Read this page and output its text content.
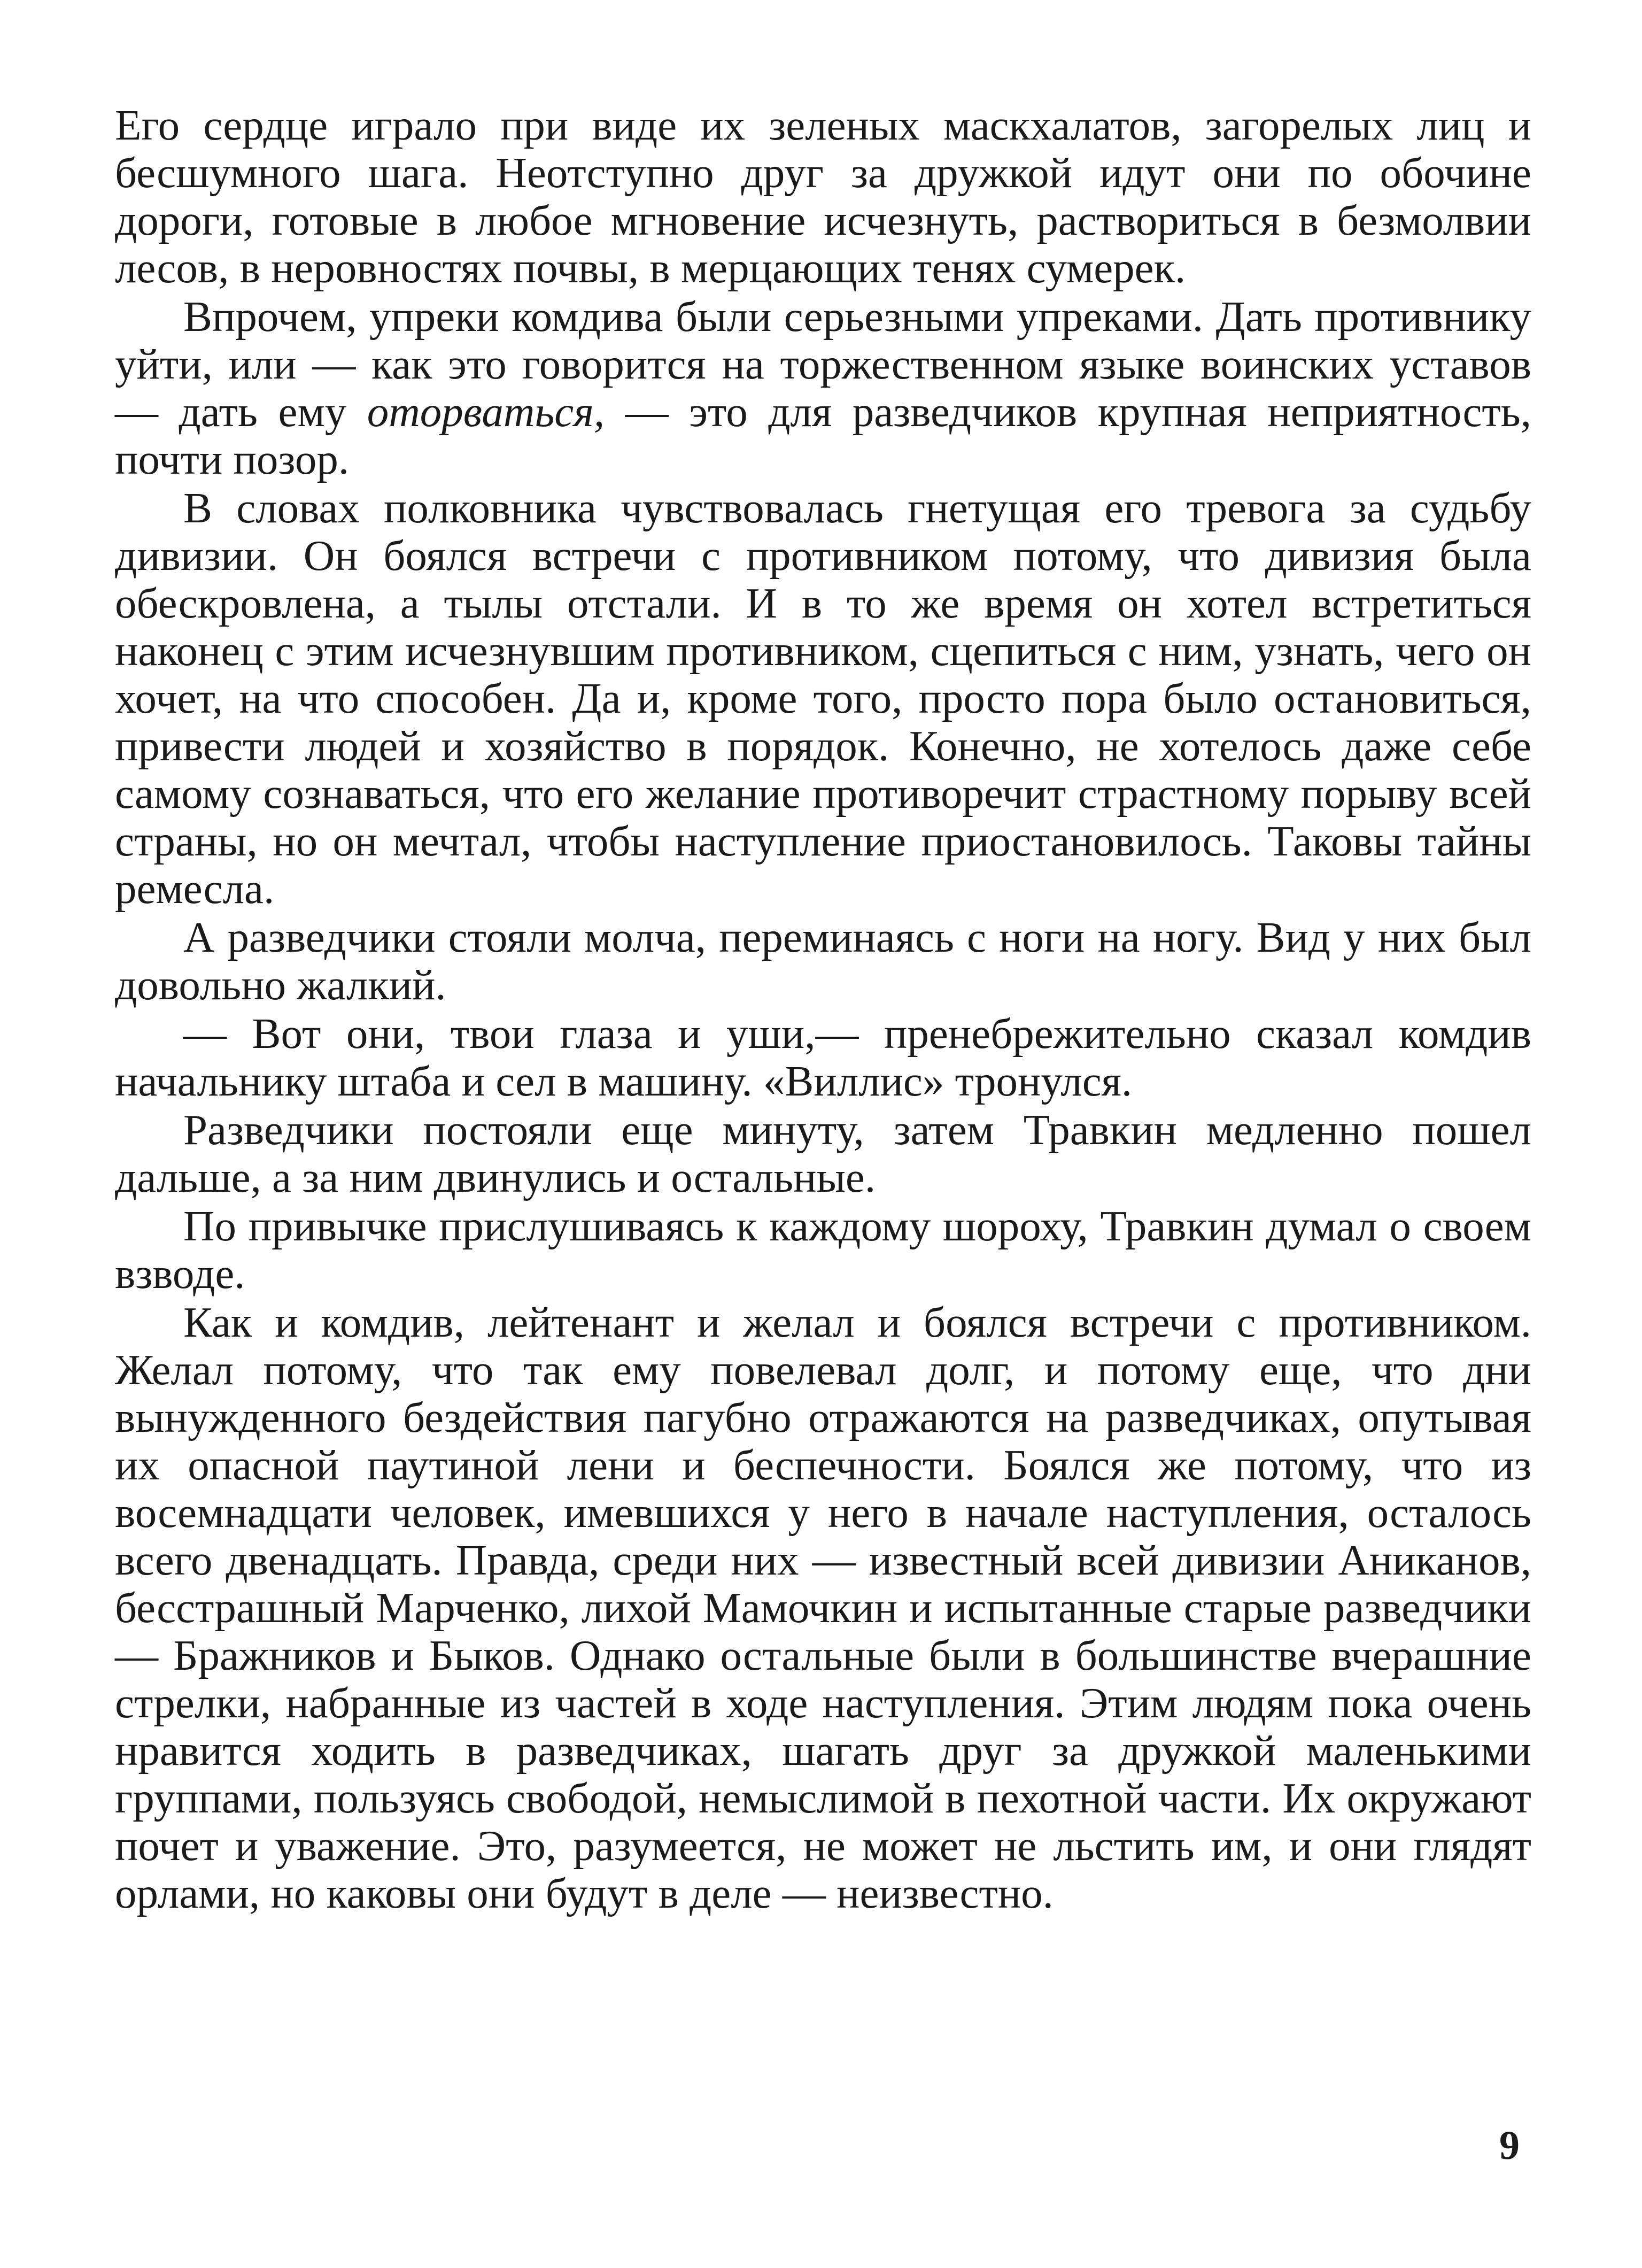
Его сердце играло при виде их зеленых маскхалатов, загорелых лиц и бесшумного шага. Неотступно друг за дружкой идут они по обочине дороги, готовые в любое мгновение исчезнуть, раствориться в безмолвии лесов, в неровностях почвы, в мерцающих тенях сумерек.

Впрочем, упреки комдива были серьезными упреками. Дать противнику уйти, или — как это говорится на торжественном языке воинских уставов — дать ему оторваться, — это для разведчиков крупная неприятность, почти позор.

В словах полковника чувствовалась гнетущая его тревога за судьбу дивизии. Он боялся встречи с противником потому, что дивизия была обескровлена, а тылы отстали. И в то же время он хотел встретиться наконец с этим исчезнувшим противником, сцепиться с ним, узнать, чего он хочет, на что способен. Да и, кроме того, просто пора было остановиться, привести людей и хозяйство в порядок. Конечно, не хотелось даже себе самому сознаваться, что его желание противоречит страстному порыву всей страны, но он мечтал, чтобы наступление приостановилось. Таковы тайны ремесла.

А разведчики стояли молча, переминаясь с ноги на ногу. Вид у них был довольно жалкий.

— Вот они, твои глаза и уши,— пренебрежительно сказал комдив начальнику штаба и сел в машину. «Виллис» тронулся.

Разведчики постояли еще минуту, затем Травкин медленно пошел дальше, а за ним двинулись и остальные.

По привычке прислушиваясь к каждому шороху, Травкин думал о своем взводе.

Как и комдив, лейтенант и желал и боялся встречи с противником. Желал потому, что так ему повелевал долг, и потому еще, что дни вынужденного бездействия пагубно отражаются на разведчиках, опутывая их опасной паутиной лени и беспечности. Боялся же потому, что из восемнадцати человек, имевшихся у него в начале наступления, осталось всего двенадцать. Правда, среди них — известный всей дивизии Аниканов, бесстрашный Марченко, лихой Мамочкин и испытанные старые разведчики — Бражников и Быков. Однако остальные были в большинстве вчерашние стрелки, набранные из частей в ходе наступления. Этим людям пока очень нравится ходить в разведчиках, шагать друг за дружкой маленькими группами, пользуясь свободой, немыслимой в пехотной части. Их окружают почет и уважение. Это, разумеется, не может не льстить им, и они глядят орлами, но каковы они будут в деле — неизвестно.

9
